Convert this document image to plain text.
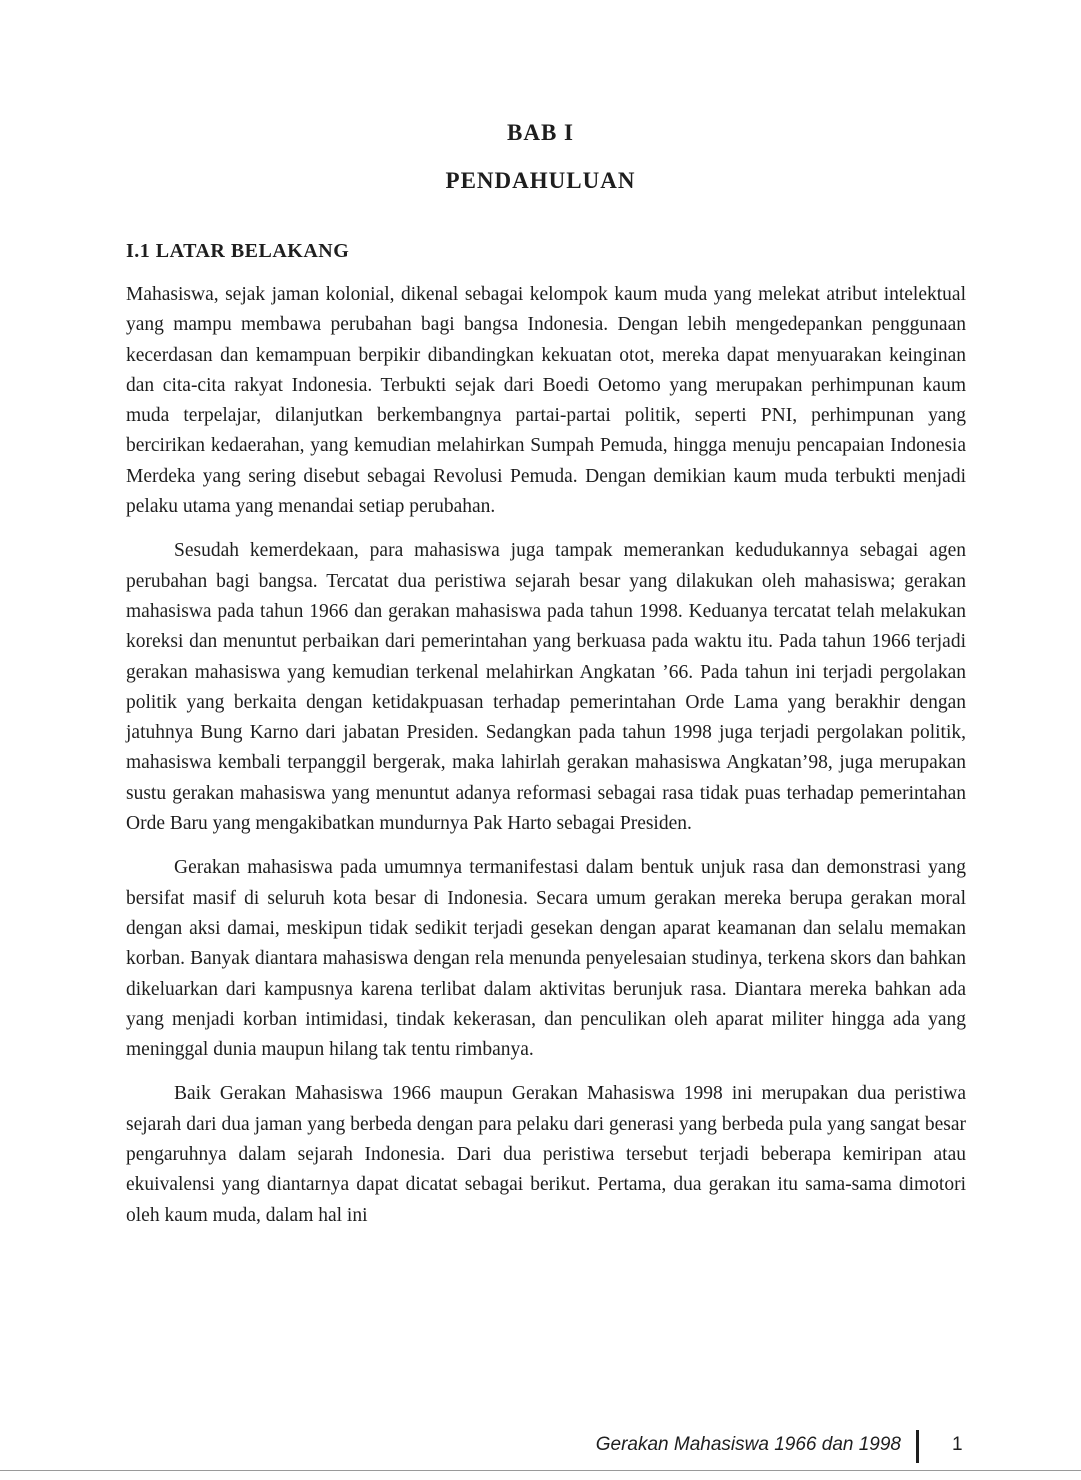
BAB I
PENDAHULUAN
I.1 LATAR BELAKANG

Mahasiswa, sejak jaman kolonial, dikenal sebagai kelompok kaum muda yang melekat atribut intelektual yang mampu membawa perubahan bagi bangsa Indonesia. Dengan lebih mengedepankan penggunaan kecerdasan dan kemampuan berpikir dibandingkan kekuatan otot, mereka dapat menyuarakan keinginan dan cita-cita rakyat Indonesia. Terbukti sejak dari Boedi Oetomo yang merupakan perhimpunan kaum muda terpelajar, dilanjutkan berkembangnya partai-partai politik, seperti PNI, perhimpunan yang bercirikan kedaerahan, yang kemudian melahirkan Sumpah Pemuda, hingga menuju pencapaian Indonesia Merdeka yang sering disebut sebagai Revolusi Pemuda. Dengan demikian kaum muda terbukti menjadi pelaku utama yang menandai setiap perubahan.

Sesudah kemerdekaan, para mahasiswa juga tampak memerankan kedudukannya sebagai agen perubahan bagi bangsa. Tercatat dua peristiwa sejarah besar yang dilakukan oleh mahasiswa; gerakan mahasiswa pada tahun 1966 dan gerakan mahasiswa pada tahun 1998. Keduanya tercatat telah melakukan koreksi dan menuntut perbaikan dari pemerintahan yang berkuasa pada waktu itu. Pada tahun 1966 terjadi gerakan mahasiswa yang kemudian terkenal melahirkan Angkatan ’66. Pada tahun ini terjadi pergolakan politik yang berkaita dengan ketidakpuasan terhadap pemerintahan Orde Lama yang berakhir dengan jatuhnya Bung Karno dari jabatan Presiden. Sedangkan pada tahun 1998 juga terjadi pergolakan politik, mahasiswa kembali terpanggil bergerak, maka lahirlah gerakan mahasiswa Angkatan’98, juga merupakan sustu gerakan mahasiswa yang menuntut adanya reformasi sebagai rasa tidak puas terhadap pemerintahan Orde Baru yang mengakibatkan mundurnya Pak Harto sebagai Presiden.

Gerakan mahasiswa pada umumnya termanifestasi dalam bentuk unjuk rasa dan demonstrasi yang bersifat masif di seluruh kota besar di Indonesia. Secara umum gerakan mereka berupa gerakan moral dengan aksi damai, meskipun tidak sedikit terjadi gesekan dengan aparat keamanan dan selalu memakan korban. Banyak diantara mahasiswa dengan rela menunda penyelesaian studinya, terkena skors dan bahkan dikeluarkan dari kampusnya karena terlibat dalam aktivitas berunjuk rasa. Diantara mereka bahkan ada yang menjadi korban intimidasi, tindak kekerasan, dan penculikan oleh aparat militer hingga ada yang meninggal dunia maupun hilang tak tentu rimbanya.

Baik Gerakan Mahasiswa 1966 maupun Gerakan Mahasiswa 1998 ini merupakan dua peristiwa sejarah dari dua jaman yang berbeda dengan para pelaku dari generasi yang berbeda pula yang sangat besar pengaruhnya dalam sejarah Indonesia. Dari dua peristiwa tersebut terjadi beberapa kemiripan atau ekuivalensi yang diantarnya dapat dicatat sebagai berikut. Pertama, dua gerakan itu sama-sama dimotori oleh kaum muda, dalam hal ini

Gerakan Mahasiswa 1966 dan 1998	1
